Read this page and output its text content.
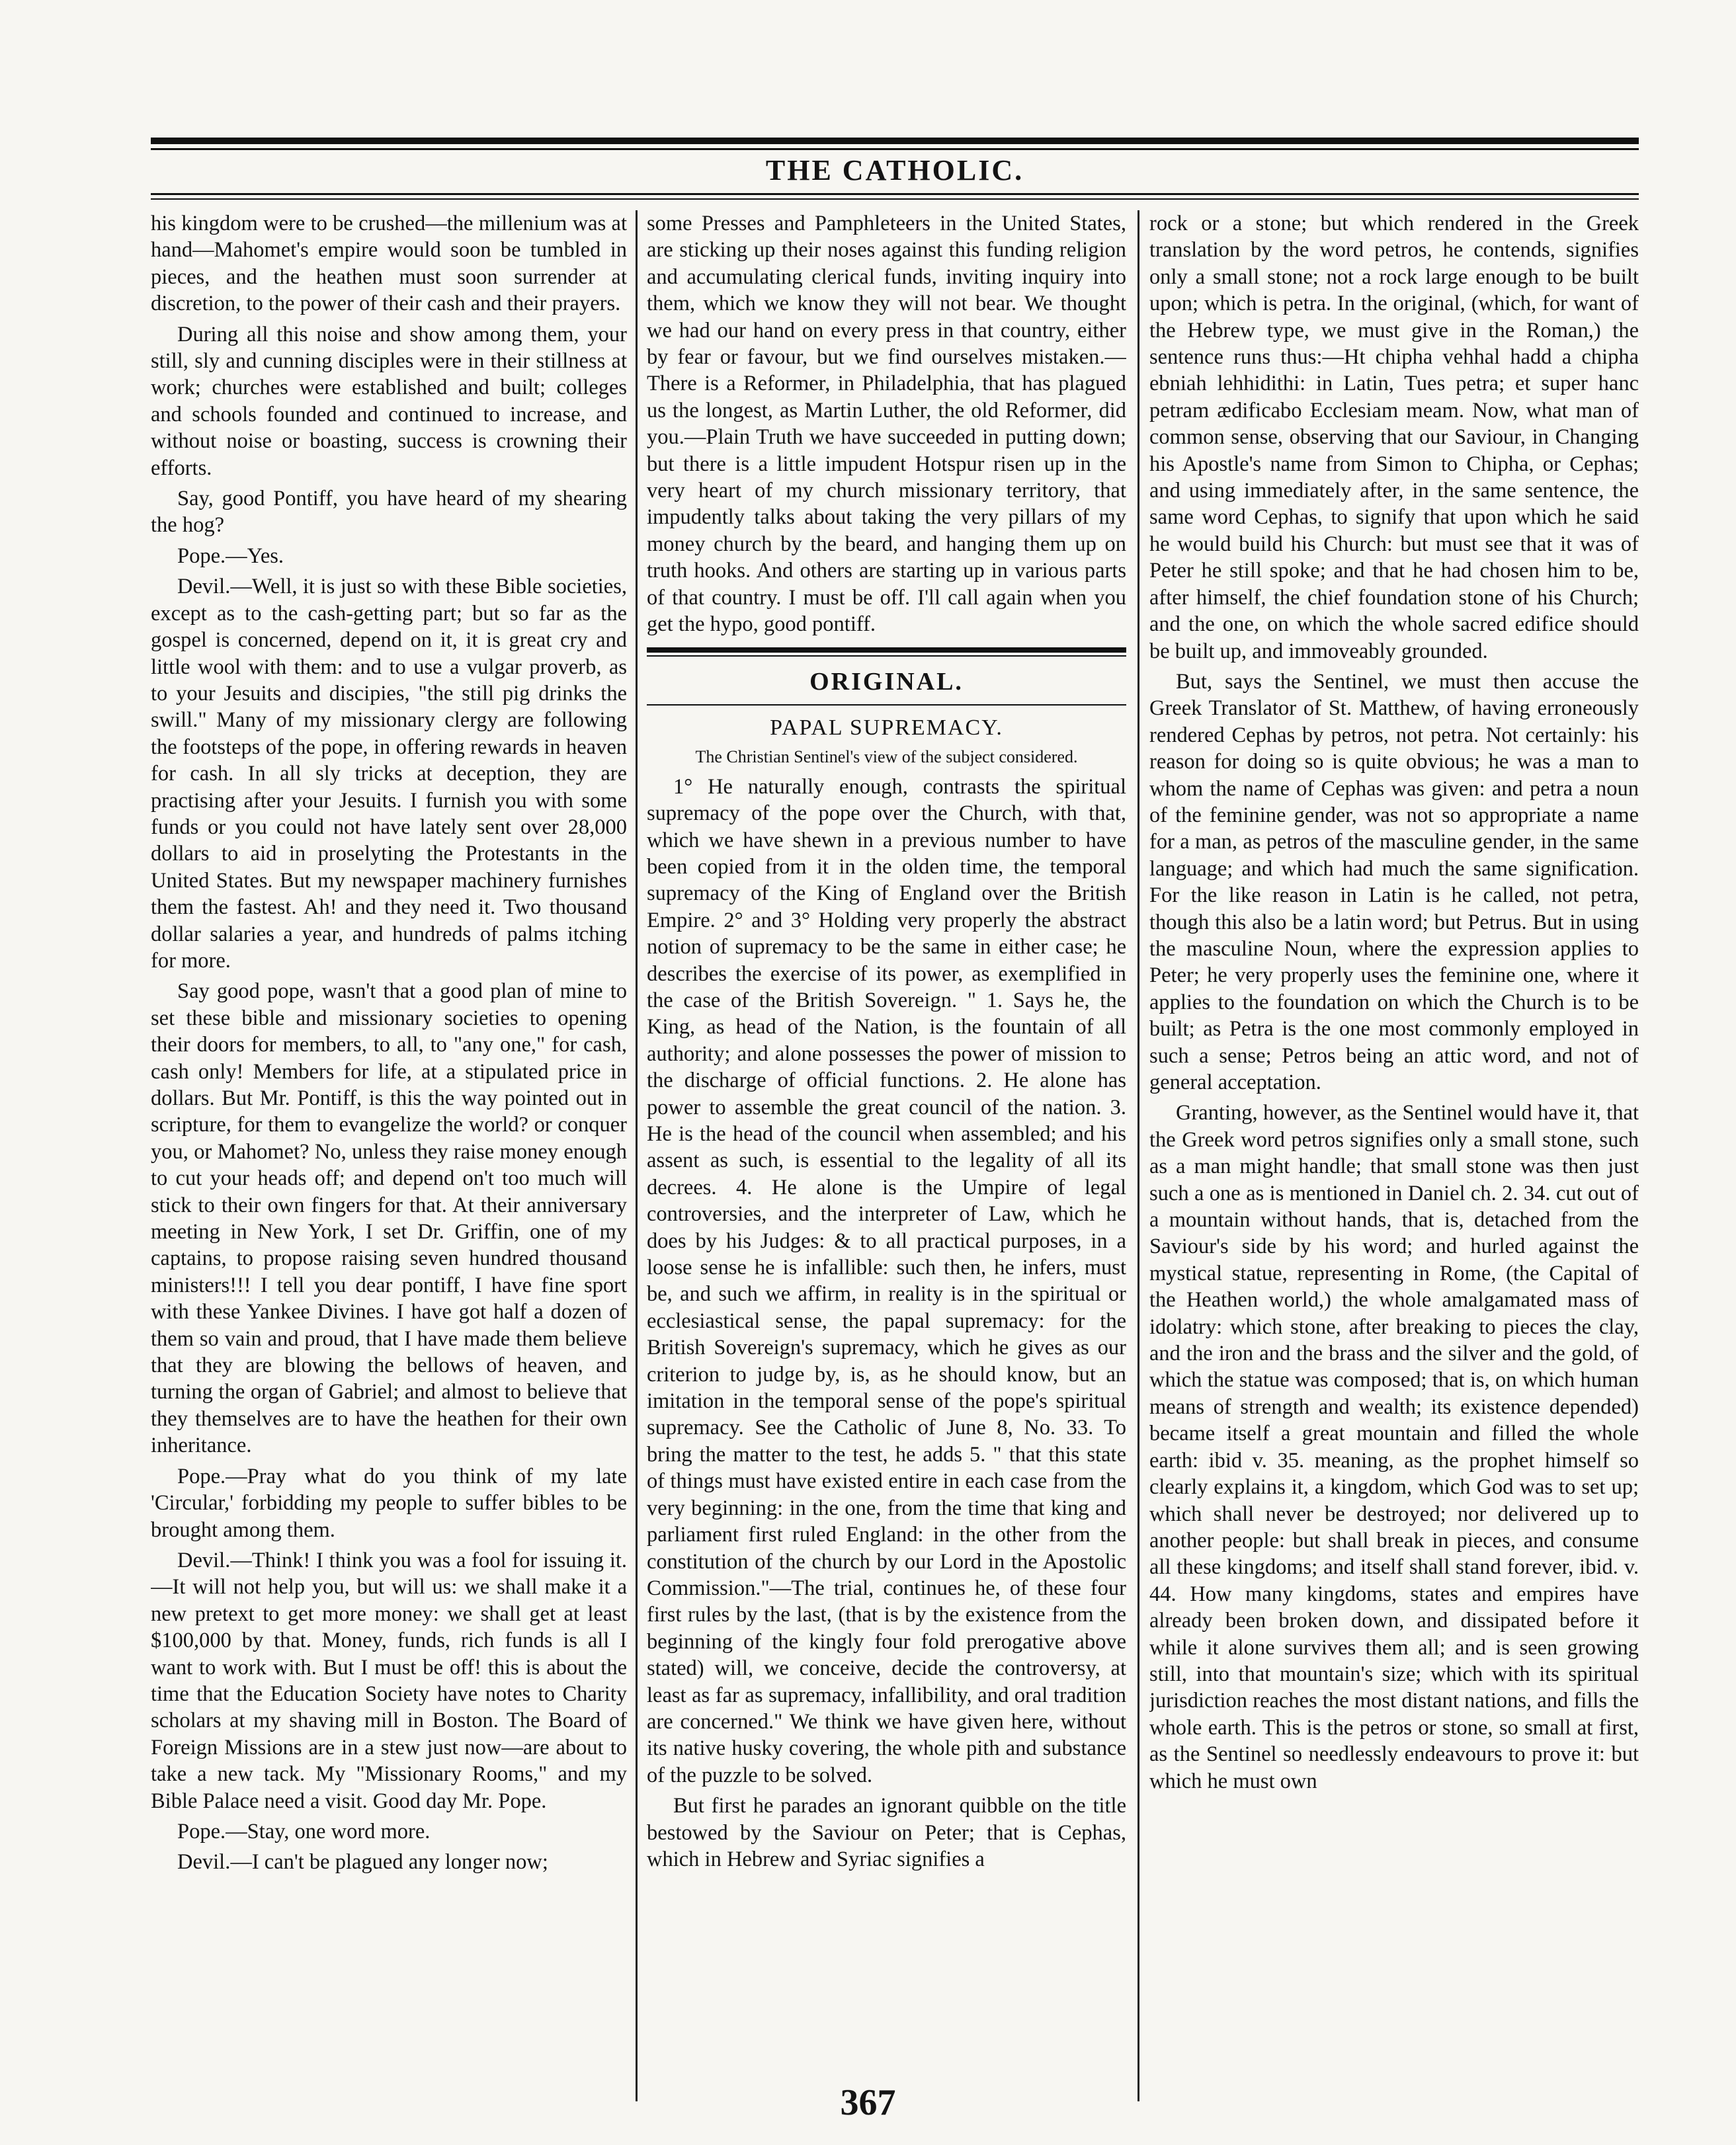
THE CATHOLIC.

his kingdom were to be crushed—the millenium was at hand—Mahomet's empire would soon be tumbled in pieces, and the heathen must soon surrender at discretion, to the power of their cash and their prayers.

During all this noise and show among them, your still, sly and cunning disciples were in their stillness at work; churches were established and built; colleges and schools founded and continued to increase, and without noise or boasting, success is crowning their efforts.

Say, good Pontiff, you have heard of my shearing the hog?

Pope.—Yes.

Devil.—Well, it is just so with these Bible societies, except as to the cash-getting part; but so far as the gospel is concerned, depend on it, it is great cry and little wool with them: and to use a vulgar proverb, as to your Jesuits and discipies, "the still pig drinks the swill." Many of my missionary clergy are following the footsteps of the pope, in offering rewards in heaven for cash. In all sly tricks at deception, they are practising after your Jesuits. I furnish you with some funds or you could not have lately sent over 28,000 dollars to aid in proselyting the Protestants in the United States. But my newspaper machinery furnishes them the fastest. Ah! and they need it. Two thousand dollar salaries a year, and hundreds of palms itching for more.

Say good pope, wasn't that a good plan of mine to set these bible and missionary societies to opening their doors for members, to all, to "any one," for cash, cash only! Members for life, at a stipulated price in dollars. But Mr. Pontiff, is this the way pointed out in scripture, for them to evangelize the world? or conquer you, or Mahomet? No, unless they raise money enough to cut your heads off; and depend on't too much will stick to their own fingers for that. At their anniversary meeting in New York, I set Dr. Griffin, one of my captains, to propose raising seven hundred thousand ministers!!! I tell you dear pontiff, I have fine sport with these Yankee Divines. I have got half a dozen of them so vain and proud, that I have made them believe that they are blowing the bellows of heaven, and turning the organ of Gabriel; and almost to believe that they themselves are to have the heathen for their own inheritance.

Pope.—Pray what do you think of my late 'Circular,' forbidding my people to suffer bibles to be brought among them.

Devil.—Think! I think you was a fool for issuing it.—It will not help you, but will us: we shall make it a new pretext to get more money: we shall get at least $100,000 by that. Money, funds, rich funds is all I want to work with. But I must be off! this is about the time that the Education Society have notes to Charity scholars at my shaving mill in Boston. The Board of Foreign Missions are in a stew just now—are about to take a new tack. My "Missionary Rooms," and my Bible Palace need a visit. Good day Mr. Pope.

Pope.—Stay, one word more.

Devil.—I can't be plagued any longer now;

some Presses and Pamphleteers in the United States, are sticking up their noses against this funding religion and accumulating clerical funds, inviting inquiry into them, which we know they will not bear. We thought we had our hand on every press in that country, either by fear or favour, but we find ourselves mistaken.—There is a Reformer, in Philadelphia, that has plagued us the longest, as Martin Luther, the old Reformer, did you.—Plain Truth we have succeeded in putting down; but there is a little impudent Hotspur risen up in the very heart of my church missionary territory, that impudently talks about taking the very pillars of my money church by the beard, and hanging them up on truth hooks. And others are starting up in various parts of that country. I must be off. I'll call again when you get the hypo, good pontiff.

ORIGINAL.
PAPAL SUPREMACY.
The Christian Sentinel's view of the subject considered.

1° He naturally enough, contrasts the spiritual supremacy of the pope over the Church, with that, which we have shewn in a previous number to have been copied from it in the olden time, the temporal supremacy of the King of England over the British Empire. 2° and 3° Holding very properly the abstract notion of supremacy to be the same in either case; he describes the exercise of its power, as exemplified in the case of the British Sovereign. " 1. Says he, the King, as head of the Nation, is the fountain of all authority; and alone possesses the power of mission to the discharge of official functions. 2. He alone has power to assemble the great council of the nation. 3. He is the head of the council when assembled; and his assent as such, is essential to the legality of all its decrees. 4. He alone is the Umpire of legal controversies, and the interpreter of Law, which he does by his Judges: & to all practical purposes, in a loose sense he is infallible: such then, he infers, must be, and such we affirm, in reality is in the spiritual or ecclesiastical sense, the papal supremacy: for the British Sovereign's supremacy, which he gives as our criterion to judge by, is, as he should know, but an imitation in the temporal sense of the pope's spiritual supremacy. See the Catholic of June 8, No. 33. To bring the matter to the test, he adds 5. " that this state of things must have existed entire in each case from the very beginning: in the one, from the time that king and parliament first ruled England: in the other from the constitution of the church by our Lord in the Apostolic Commission."—The trial, continues he, of these four first rules by the last, (that is by the existence from the beginning of the kingly four fold prerogative above stated) will, we conceive, decide the controversy, at least as far as supremacy, infallibility, and oral tradition are concerned." We think we have given here, without its native husky covering, the whole pith and substance of the puzzle to be solved.

But first he parades an ignorant quibble on the title bestowed by the Saviour on Peter; that is Cephas, which in Hebrew and Syriac signifies a

rock or a stone; but which rendered in the Greek translation by the word petros, he contends, signifies only a small stone; not a rock large enough to be built upon; which is petra. In the original, (which, for want of the Hebrew type, we must give in the Roman,) the sentence runs thus:—Ht chipha vehhal hadd a chipha ebniah lehhidithi: in Latin, Tues petra; et super hanc petram ædificabo Ecclesiam meam. Now, what man of common sense, observing that our Saviour, in Changing his Apostle's name from Simon to Chipha, or Cephas; and using immediately after, in the same sentence, the same word Cephas, to signify that upon which he said he would build his Church: but must see that it was of Peter he still spoke; and that he had chosen him to be, after himself, the chief foundation stone of his Church; and the one, on which the whole sacred edifice should be built up, and immoveably grounded.

But, says the Sentinel, we must then accuse the Greek Translator of St. Matthew, of having erroneously rendered Cephas by petros, not petra. Not certainly: his reason for doing so is quite obvious; he was a man to whom the name of Cephas was given: and petra a noun of the feminine gender, was not so appropriate a name for a man, as petros of the masculine gender, in the same language; and which had much the same signification. For the like reason in Latin is he called, not petra, though this also be a latin word; but Petrus. But in using the masculine Noun, where the expression applies to Peter; he very properly uses the feminine one, where it applies to the foundation on which the Church is to be built; as Petra is the one most commonly employed in such a sense; Petros being an attic word, and not of general acceptation.

Granting, however, as the Sentinel would have it, that the Greek word petros signifies only a small stone, such as a man might handle; that small stone was then just such a one as is mentioned in Daniel ch. 2. 34. cut out of a mountain without hands, that is, detached from the Saviour's side by his word; and hurled against the mystical statue, representing in Rome, (the Capital of the Heathen world,) the whole amalgamated mass of idolatry: which stone, after breaking to pieces the clay, and the iron and the brass and the silver and the gold, of which the statue was composed; that is, on which human means of strength and wealth; its existence depended) became itself a great mountain and filled the whole earth: ibid v. 35. meaning, as the prophet himself so clearly explains it, a kingdom, which God was to set up; which shall never be destroyed; nor delivered up to another people: but shall break in pieces, and consume all these kingdoms; and itself shall stand forever, ibid. v. 44. How many kingdoms, states and empires have already been broken down, and dissipated before it while it alone survives them all; and is seen growing still, into that mountain's size; which with its spiritual jurisdiction reaches the most distant nations, and fills the whole earth. This is the petros or stone, so small at first, as the Sentinel so needlessly endeavours to prove it: but which he must own

367
